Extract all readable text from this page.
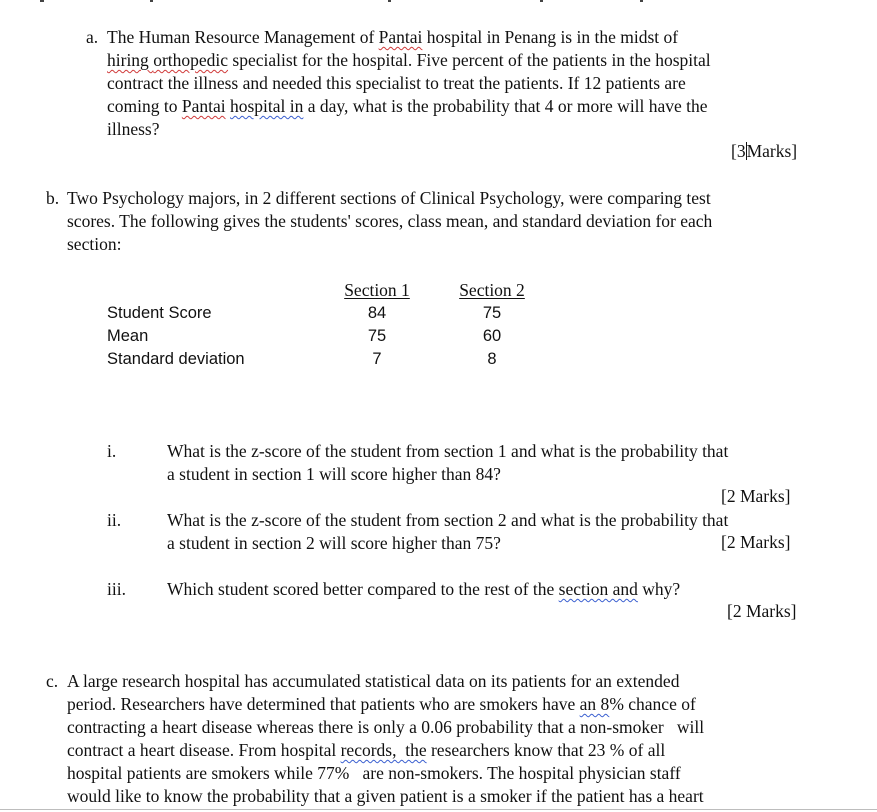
a. The Human Resource Management of Pantai hospital in Penang is in the midst of
hiring orthopedic specialist for the hospital. Five percent of the patients in the hospital
contract the illness and needed this specialist to treat the patients. If 12 patients are
coming to Pantai hospital in a day, what is the probability that 4 or more will have the
illness?
[3Marks]
b. Two Psychology majors, in 2 different sections of Clinical Psychology, were comparing test
scores. The following gives the students' scores, class mean, and standard deviation for each
section:
	Section 1	Section 2
Student Score	84	75
Mean	75	60
Standard deviation	7	8
i.	What is the z-score of the student from section 1 and what is the probability that
a student in section 1 will score higher than 84?
[2 Marks]
ii.	What is the z-score of the student from section 2 and what is the probability that
a student in section 2 will score higher than 75?	[2 Marks]
iii. Which student scored better compared to the rest of the section and why?
[2 Marks]
c. A large research hospital has accumulated statistical data on its patients for an extended
period. Researchers have determined that patients who are smokers have an 8% chance of
contracting a heart disease whereas there is only a 0.06 probability that a non-smoker   will
contract a heart disease. From hospital records,  the researchers know that 23 % of all
hospital patients are smokers while 77%   are non-smokers. The hospital physician staff
would like to know the probability that a given patient is a smoker if the patient has a heart
